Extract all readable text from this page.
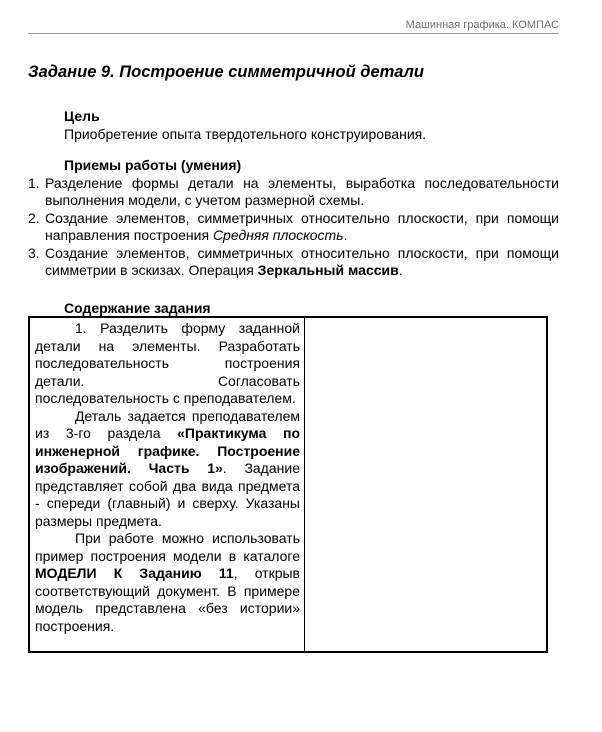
Машинная графика. КОМПАС
Задание 9. Построение симметричной детали
Цель
Приобретение опыта твердотельного конструирования.
Приемы работы (умения)
1. Разделение формы детали на элементы, выработка последовательности выполнения модели, с учетом размерной схемы.
2. Создание элементов, симметричных относительно плоскости, при помощи направления построения Средняя плоскость.
3. Создание элементов, симметричных относительно плоскости, при помощи симметрии в эскизах. Операция Зеркальный массив.
Содержание задания

1. Разделить форму заданной детали на элементы. Разработать последовательность построения детали. Согласовать последовательность с преподавателем.

Деталь задается преподавателем из 3-го раздела «Практикума по инженерной графике. Построение изображений. Часть 1». Задание представляет собой два вида предмета - спереди (главный) и сверху. Указаны размеры предмета.

При работе можно использовать пример построения модели в каталоге МОДЕЛИ К Заданию 11, открыв соответствующий документ. В примере модель представлена «без истории» построения.
